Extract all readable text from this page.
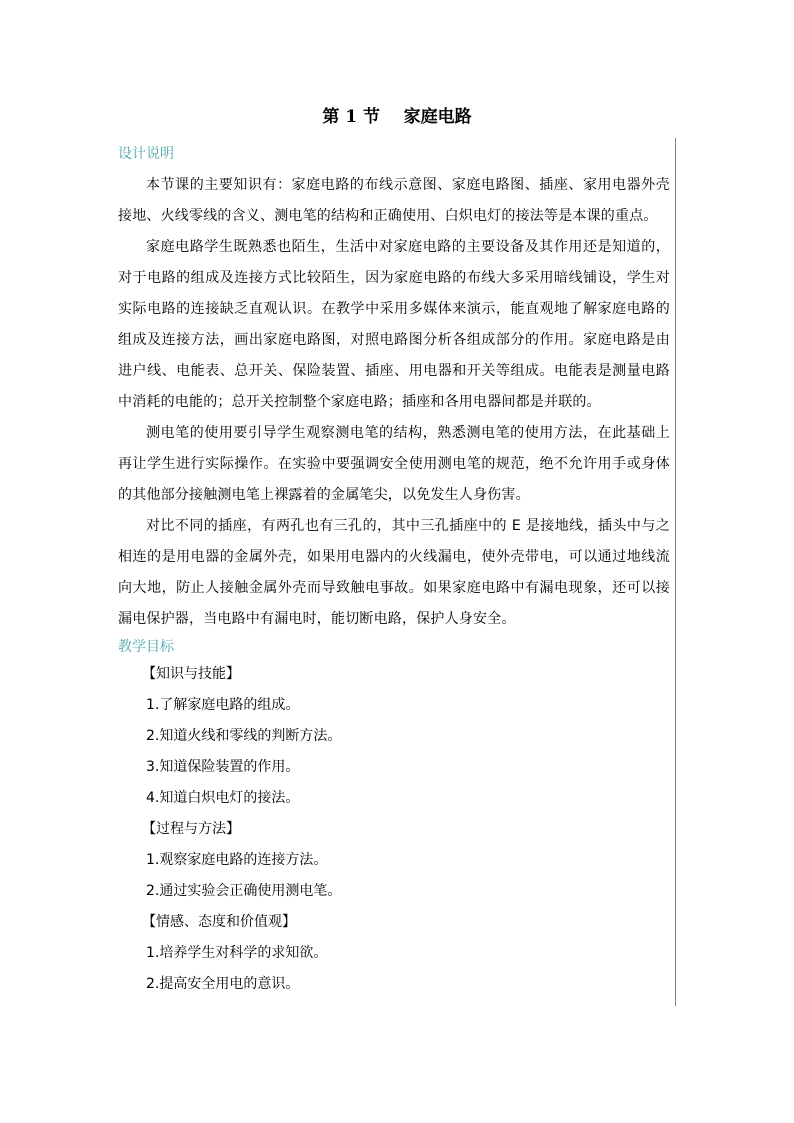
第 1 节    家庭电路

设计说明

本节课的主要知识有：家庭电路的布线示意图、家庭电路图、插座、家用电器外壳接地、火线零线的含义、测电笔的结构和正确使用、白炽电灯的接法等是本课的重点。

家庭电路学生既熟悉也陌生，生活中对家庭电路的主要设备及其作用还是知道的，对于电路的组成及连接方式比较陌生，因为家庭电路的布线大多采用暗线铺设，学生对实际电路的连接缺乏直观认识。在教学中采用多媒体来演示，能直观地了解家庭电路的组成及连接方法，画出家庭电路图，对照电路图分析各组成部分的作用。家庭电路是由进户线、电能表、总开关、保险装置、插座、用电器和开关等组成。电能表是测量电路中消耗的电能的；总开关控制整个家庭电路；插座和各用电器间都是并联的。

测电笔的使用要引导学生观察测电笔的结构，熟悉测电笔的使用方法，在此基础上再让学生进行实际操作。在实验中要强调安全使用测电笔的规范，绝不允许用手或身体的其他部分接触测电笔上裸露着的金属笔尖，以免发生人身伤害。

对比不同的插座，有两孔也有三孔的，其中三孔插座中的 E 是接地线，插头中与之相连的是用电器的金属外壳，如果用电器内的火线漏电，使外壳带电，可以通过地线流向大地，防止人接触金属外壳而导致触电事故。如果家庭电路中有漏电现象，还可以接漏电保护器，当电路中有漏电时，能切断电路，保护人身安全。

教学目标

【知识与技能】

1.了解家庭电路的组成。

2.知道火线和零线的判断方法。

3.知道保险装置的作用。

4.知道白炽电灯的接法。

【过程与方法】

1.观察家庭电路的连接方法。

2.通过实验会正确使用测电笔。

【情感、态度和价值观】

1.培养学生对科学的求知欲。

2.提高安全用电的意识。
